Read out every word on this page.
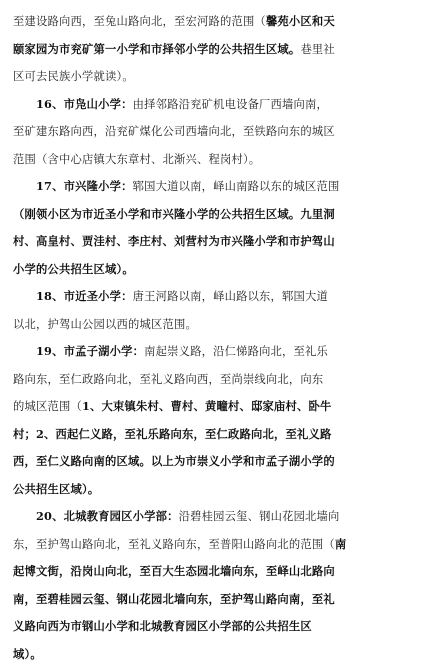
至建设路向西，至兔山路向北，至宏河路的范围（馨苑小区和天
颐家园为市兖矿第一小学和市择邻小学的公共招生区域。巷里社
区可去民族小学就读）。
　　16、市凫山小学：由择邻路沿兖矿机电设备厂西墙向南，
至矿建东路向西，沿兖矿煤化公司西墙向北，至铁路向东的城区
范围（含中心店镇大东章村、北渐兴、程岗村）。
　　17、市兴隆小学：郓国大道以南，峄山南路以东的城区范围
（刚领小区为市近圣小学和市兴隆小学的公共招生区域。九里洞
村、高皇村、贾洼村、李庄村、刘营村为市兴隆小学和市护驾山
小学的公共招生区域）。
　　18、市近圣小学：唐王河路以南，峄山路以东，郓国大道
以北，护驾山公园以西的城区范围。
　　19、市孟子湖小学：南起崇义路，沿仁悌路向北，至礼乐
路向东，至仁政路向北，至礼义路向西，至尚崇线向北，向东
的城区范围（1、大束镇朱村、曹村、黄疃村、邸家庙村、卧牛
村；2、西起仁义路，至礼乐路向东，至仁政路向北，至礼义路
西，至仁义路向南的区域。以上为市崇义小学和市孟子湖小学的
公共招生区域）。
　　20、北城教育园区小学部：沿碧桂园云玺、钢山花园北墙向
东，至护驾山路向北，至礼义路向东，至普阳山路向北的范围（南
起博文街，沿岗山向北，至百大生态园北墙向东，至峄山北路向
南，至碧桂园云玺、钢山花园北墙向东，至护驾山路向南，至礼
义路向西为市钢山小学和北城教育园区小学部的公共招生区
域）。
